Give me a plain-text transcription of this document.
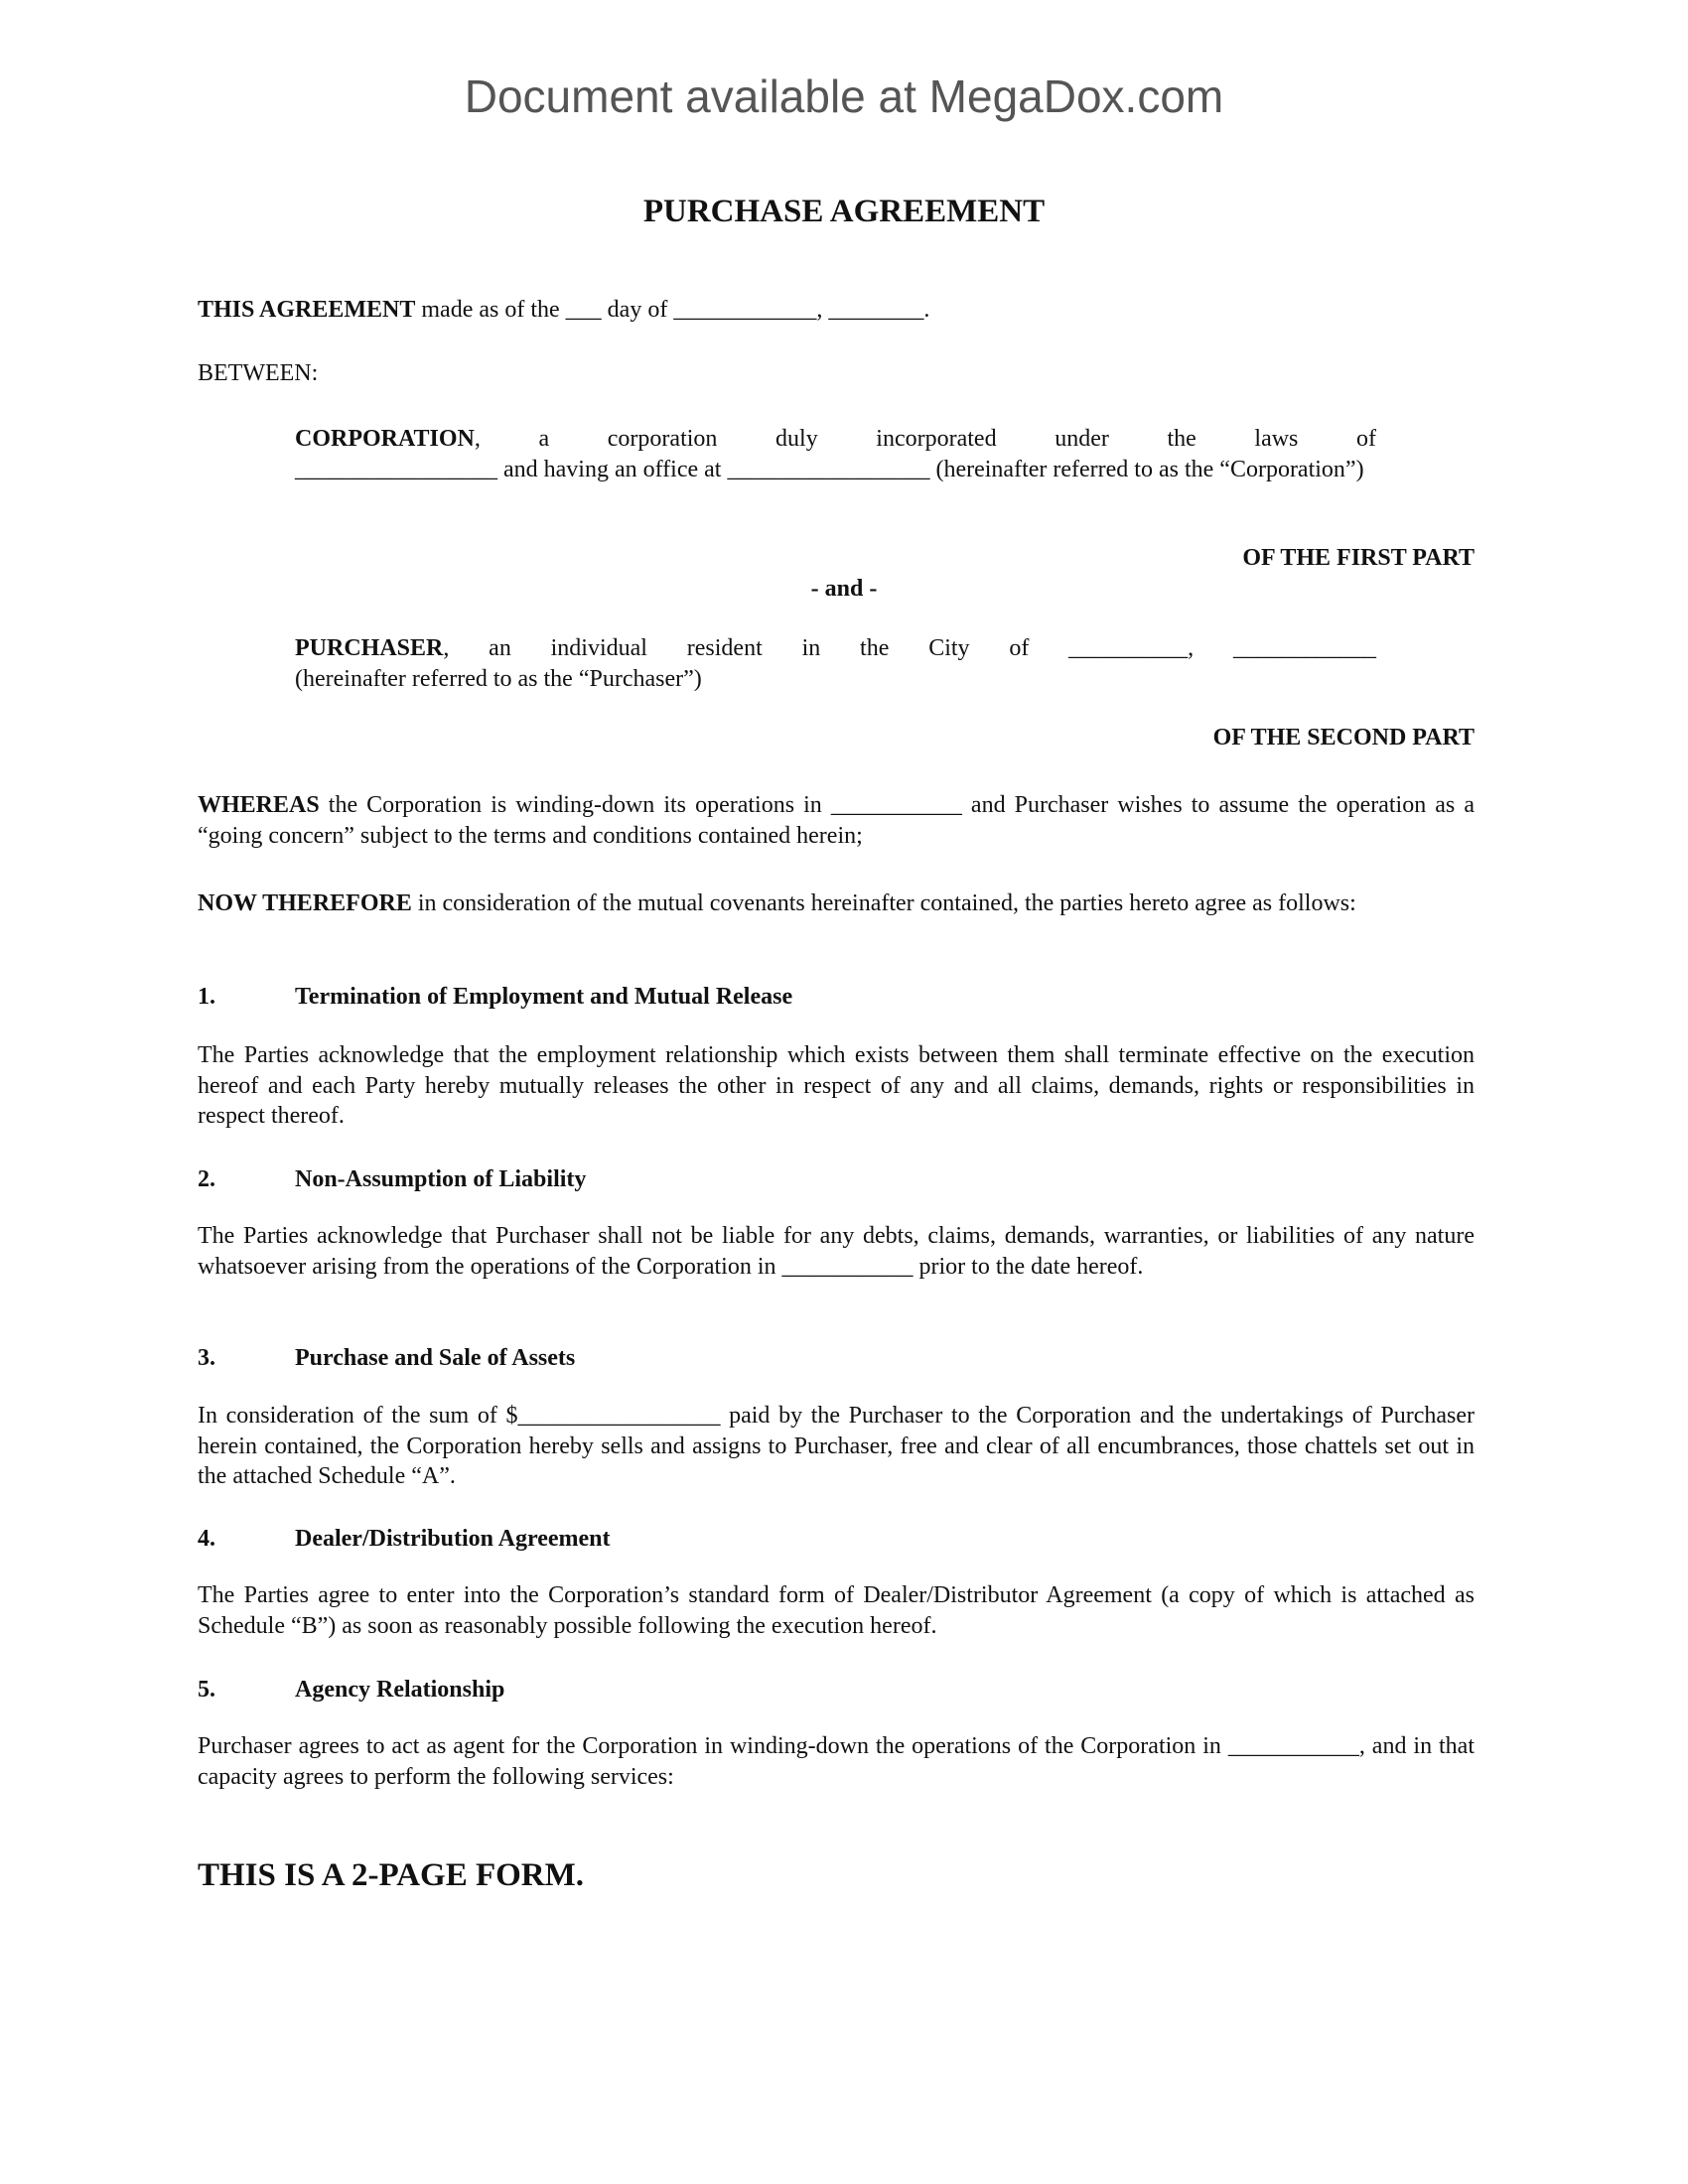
Document available at MegaDox.com
PURCHASE AGREEMENT
THIS AGREEMENT made as of the ___ day of ____________, ________.
BETWEEN:
CORPORATION, a corporation duly incorporated under the laws of
_________________ and having an office at _________________ (hereinafter referred to as the “Corporation”)
OF THE FIRST PART
- and -
PURCHASER, an individual resident in the City of __________, ____________
(hereinafter referred to as the “Purchaser”)
OF THE SECOND PART
WHEREAS the Corporation is winding-down its operations in ___________ and Purchaser wishes to assume the operation as a “going concern” subject to the terms and conditions contained herein;
NOW THEREFORE in consideration of the mutual covenants hereinafter contained, the parties hereto agree as follows:
1.	Termination of Employment and Mutual Release
The Parties acknowledge that the employment relationship which exists between them shall terminate effective on the execution hereof and each Party hereby mutually releases the other in respect of any and all claims, demands, rights or responsibilities in respect thereof.
2.	Non-Assumption of Liability
The Parties acknowledge that Purchaser shall not be liable for any debts, claims, demands, warranties, or liabilities of any nature whatsoever arising from the operations of the Corporation in ___________ prior to the date hereof.
3.	Purchase and Sale of Assets
In consideration of the sum of $_________________ paid by the Purchaser to the Corporation and the undertakings of Purchaser herein contained, the Corporation hereby sells and assigns to Purchaser, free and clear of all encumbrances, those chattels set out in the attached Schedule “A”.
4.	Dealer/Distribution Agreement
The Parties agree to enter into the Corporation’s standard form of Dealer/Distributor Agreement (a copy of which is attached as Schedule “B”) as soon as reasonably possible following the execution hereof.
5.	Agency Relationship
Purchaser agrees to act as agent for the Corporation in winding-down the operations of the Corporation in ___________, and in that capacity agrees to perform the following services:
THIS IS A 2-PAGE FORM.
